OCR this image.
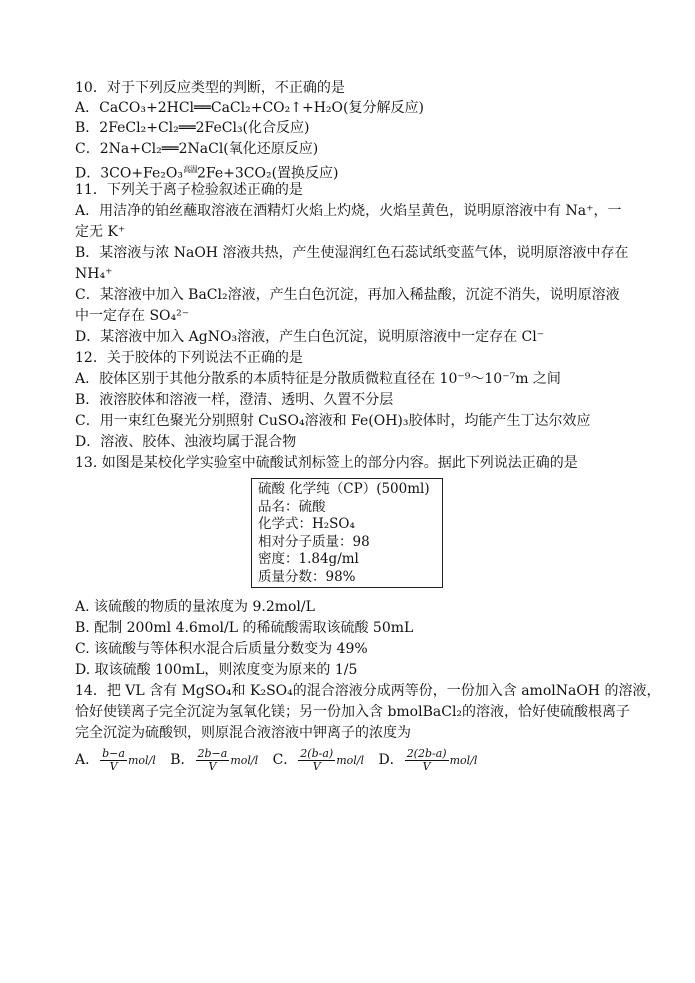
10．对于下列反应类型的判断，不正确的是
A．CaCO₃+2HCl══CaCl₂+CO₂↑+H₂O(复分解反应)
B．2FeCl₂+Cl₂══2FeCl₃(化合反应)
C．2Na+Cl₂══2NaCl(氧化还原反应)
D．3CO+Fe₂O₃高温2Fe+3CO₂(置换反应)
11．下列关于离子检验叙述正确的是
A．用洁净的铂丝蘸取溶液在酒精灯火焰上灼烧，火焰呈黄色，说明原溶液中有 Na⁺，一
定无 K⁺
B．某溶液与浓 NaOH 溶液共热，产生使湿润红色石蕊试纸变蓝气体，说明原溶液中存在
NH₄⁺
C．某溶液中加入 BaCl₂溶液，产生白色沉淀，再加入稀盐酸，沉淀不消失，说明原溶液
中一定存在 SO₄²⁻
D．某溶液中加入 AgNO₃溶液，产生白色沉淀，说明原溶液中一定存在 Cl⁻
12．关于胶体的下列说法不正确的是
A．胶体区别于其他分散系的本质特征是分散质微粒直径在 10⁻⁹～10⁻⁷m 之间
B．液溶胶体和溶液一样，澄清、透明、久置不分层
C．用一束红色聚光分别照射 CuSO₄溶液和 Fe(OH)₃胶体时，均能产生丁达尔效应
D．溶液、胶体、浊液均属于混合物
13. 如图是某校化学实验室中硫酸试剂标签上的部分内容。据此下列说法正确的是
硫酸 化学纯（CP）(500ml)
品名：硫酸
化学式：H₂SO₄
相对分子质量：98
密度：1.84g/ml
质量分数：98%
A. 该硫酸的物质的量浓度为 9.2mol/L
B. 配制 200ml 4.6mol/L 的稀硫酸需取该硫酸 50mL
C. 该硫酸与等体积水混合后质量分数变为 49%
D. 取该硫酸 100mL，则浓度变为原来的 1/5
14．把 VL 含有 MgSO₄和 K₂SO₄的混合溶液分成两等份，一份加入含 amolNaOH 的溶液，
恰好使镁离子完全沉淀为氢氧化镁；另一份加入含 bmolBaCl₂的溶液，恰好使硫酸根离子
完全沉淀为硫酸钡，则原混合液溶液中钾离子的浓度为
A． $\frac{b-a}{V} mol/l$ B． $\frac{2b-a}{V} mol/l$ C． $\frac{2(b-a)}{V} mol/l$ D． $\frac{2(2b-a)}{V} mol/l$
